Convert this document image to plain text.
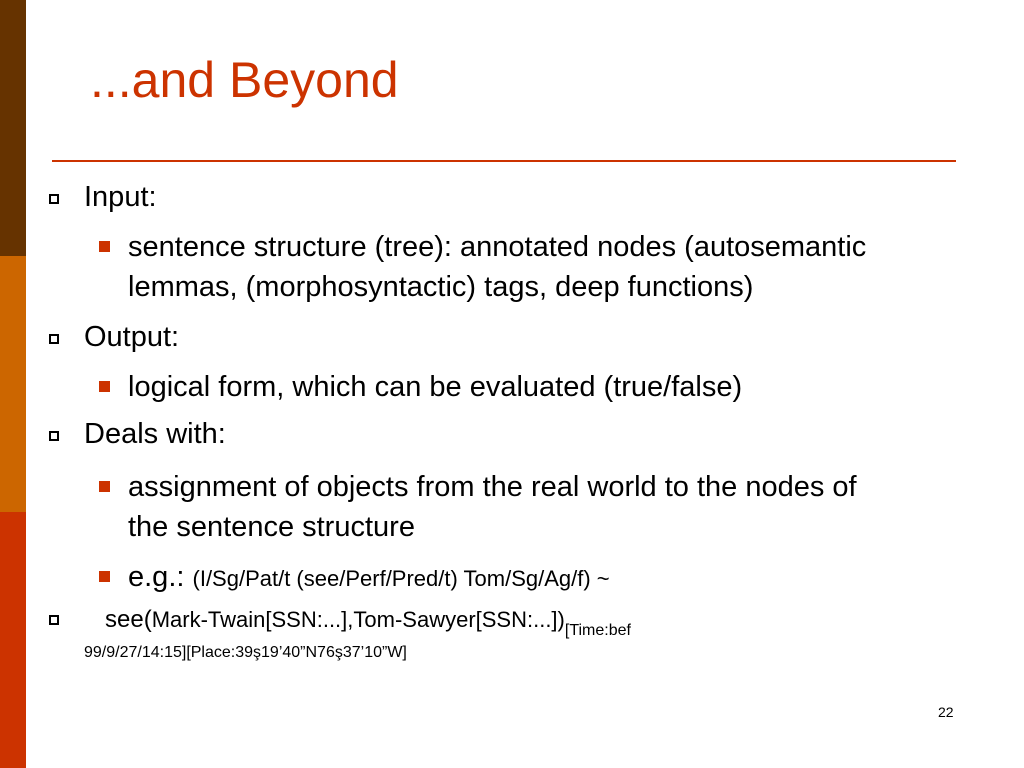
...and Beyond
Input:
sentence structure (tree): annotated nodes (autosemantic
lemmas, (morphosyntactic) tags, deep functions)
Output:
logical form, which can be evaluated (true/false)
Deals with:
assignment of objects from the real world to the nodes of
the sentence structure
e.g.: (I/Sg/Pat/t (see/Perf/Pred/t) Tom/Sg/Ag/f) ~
$see(Mark-Twain[SSN:...],Tom-Sawyer[SSN:...])_{[Time:bef}$
99/9/27/14:15][Place:39ş19’40”N76ş37’10”W]
22
